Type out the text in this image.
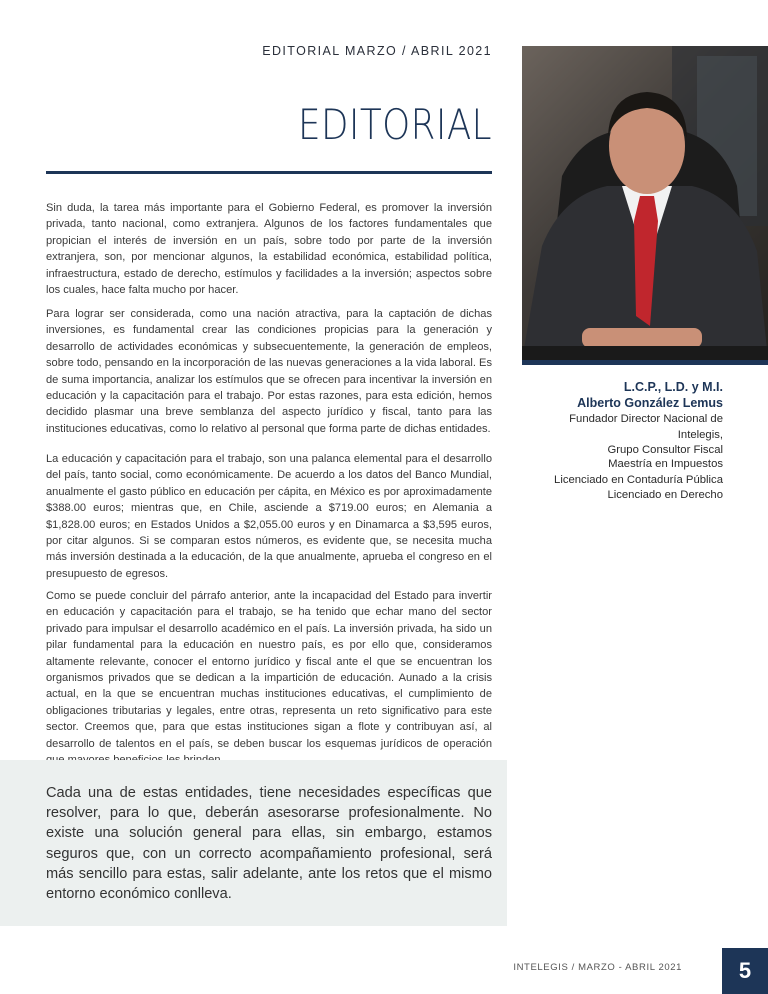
EDITORIAL MARZO / ABRIL 2021
EDITORIAL

Sin duda, la tarea más importante para el Gobierno Federal, es promover la inversión privada, tanto nacional, como extranjera. Algunos de los factores fundamentales que propician el interés de inversión en un país, sobre todo por parte de la inversión extranjera, son, por mencionar algunos, la estabilidad económica, estabilidad política, infraestructura, estado de derecho, estímulos y facilidades a la inversión; aspectos sobre los cuales, hace falta mucho por hacer.

Para lograr ser considerada, como una nación atractiva, para la captación de dichas inversiones, es fundamental crear las condiciones propicias para la generación y desarrollo de actividades económicas y subsecuentemente, la generación de empleos, sobre todo, pensando en la incorporación de las nuevas generaciones a la vida laboral. Es de suma importancia, analizar los estímulos que se ofrecen para incentivar la inversión en educación y la capacitación para el trabajo. Por estas razones, para esta edición, hemos decidido plasmar una breve semblanza del aspecto jurídico y fiscal, tanto para las instituciones educativas, como lo relativo al personal que forma parte de dichas entidades.

La educación y capacitación para el trabajo, son una palanca elemental para el desarrollo del país, tanto social, como económicamente. De acuerdo a los datos del Banco Mundial, anualmente el gasto público en educación per cápita, en México es por aproximadamente $388.00 euros; mientras que, en Chile, asciende a $719.00 euros; en Alemania a $1,828.00 euros; en Estados Unidos a $2,055.00 euros y en Dinamarca a $3,595 euros, por citar algunos. Si se comparan estos números, es evidente que, se necesita mucha más inversión destinada a la educación, de la que anualmente, aprueba el congreso en el presupuesto de egresos.

Como se puede concluir del párrafo anterior, ante la incapacidad del Estado para invertir en educación y capacitación para el trabajo, se ha tenido que echar mano del sector privado para impulsar el desarrollo académico en el país. La inversión privada, ha sido un pilar fundamental para la educación en nuestro país, es por ello que, consideramos altamente relevante, conocer el entorno jurídico y fiscal ante el que se encuentran los organismos privados que se dedican a la impartición de educación. Aunado a la crisis actual, en la que se encuentran muchas instituciones educativas, el cumplimiento de obligaciones tributarias y legales, entre otras, representa un reto significativo para este sector. Creemos que, para que estas instituciones sigan a flote y contribuyan así, al desarrollo de talentos en el país, se deben buscar los esquemas jurídicos de operación

L.C.P., L.D. y M.I.
Alberto González Lemus
Fundador Director Nacional de Intelegis,
Grupo Consultor Fiscal
Maestría en Impuestos
Licenciado en Contaduría Pública
Licenciado en Derecho

Cada una de estas entidades, tiene necesidades específicas que resolver, para lo que, deberán asesorarse profesionalmente. No existe una solución general para ellas, sin embargo, estamos seguros que, con un correcto acompañamiento profesional, será más sencillo para estas, salir adelante, ante los retos que el mismo entorno económico conlleva.

INTELEGIS / MARZO - ABRIL 2021	5
